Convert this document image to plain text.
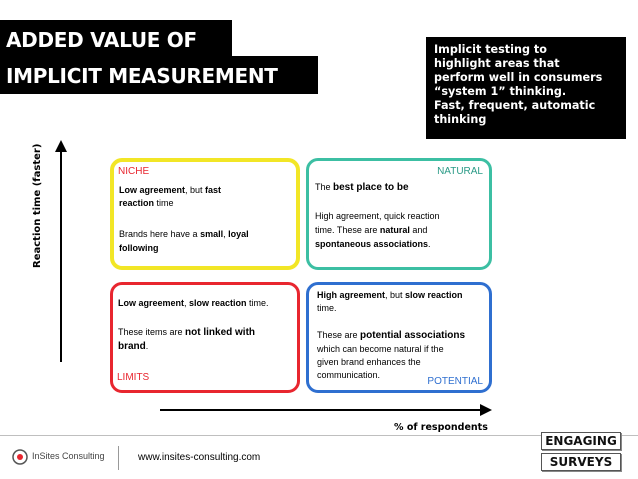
ADDED VALUE OF
IMPLICIT MEASUREMENT
Implicit testing to
highlight areas that
perform well in consumers
“system 1” thinking.
Fast, frequent, automatic
thinking
Reaction time (faster)	NICHE
Low agreement, but fast
reaction time
Brands here have a small, loyal
following
NATURAL
The best place to be
High agreement, quick reaction
time. These are natural and
spontaneous associations.
LIMITS
Low agreement, slow reaction time.
These items are not linked with
brand.
POTENTIAL
High agreement, but slow reaction
time.
These are potential associations
which can become natural if the
given brand enhances the
communication.
% of respondents
InSites Consulting	www.insites-consulting.com
ENGAGING
SURVEYS
